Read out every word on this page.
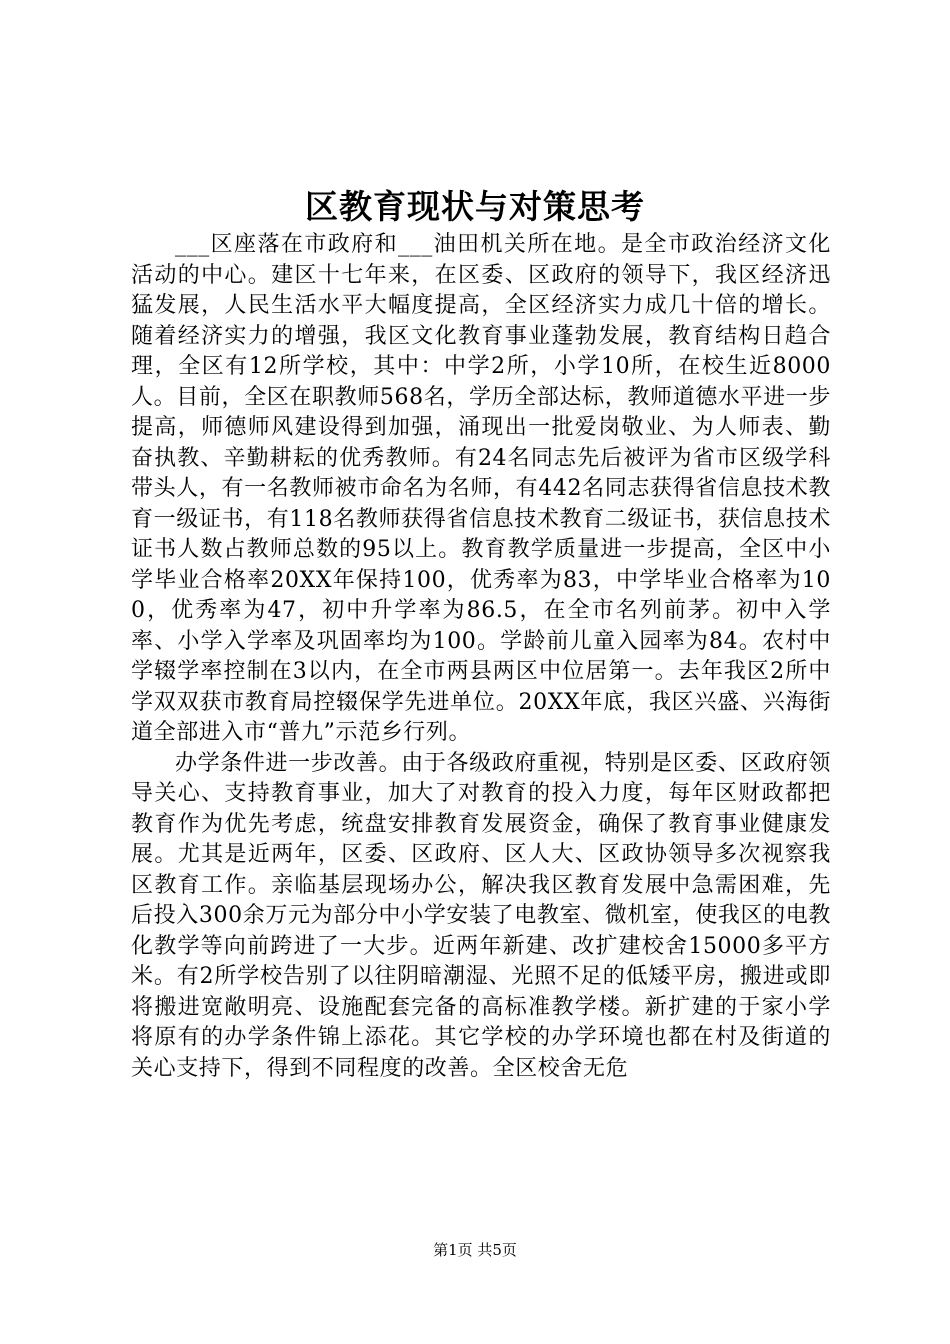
区教育现状与对策思考

___区座落在市政府和___油田机关所在地。是全市政治经济文化活动的中心。建区十七年来，在区委、区政府的领导下，我区经济迅猛发展，人民生活水平大幅度提高，全区经济实力成几十倍的增长。随着经济实力的增强，我区文化教育事业蓬勃发展，教育结构日趋合理，全区有12所学校，其中：中学2所，小学10所，在校生近8000人。目前，全区在职教师568名，学历全部达标，教师道德水平进一步提高，师德师风建设得到加强，涌现出一批爱岗敬业、为人师表、勤奋执教、辛勤耕耘的优秀教师。有24名同志先后被评为省市区级学科带头人，有一名教师被市命名为名师，有442名同志获得省信息技术教育一级证书，有118名教师获得省信息技术教育二级证书，获信息技术证书人数占教师总数的95以上。教育教学质量进一步提高，全区中小学毕业合格率20XX年保持100，优秀率为83，中学毕业合格率为100，优秀率为47，初中升学率为86.5，在全市名列前茅。初中入学率、小学入学率及巩固率均为100。学龄前儿童入园率为84。农村中学辍学率控制在3以内，在全市两县两区中位居第一。去年我区2所中学双双获市教育局控辍保学先进单位。20XX年底，我区兴盛、兴海街道全部进入市“普九”示范乡行列。

办学条件进一步改善。由于各级政府重视，特别是区委、区政府领导关心、支持教育事业，加大了对教育的投入力度，每年区财政都把教育作为优先考虑，统盘安排教育发展资金，确保了教育事业健康发展。尤其是近两年，区委、区政府、区人大、区政协领导多次视察我区教育工作。亲临基层现场办公，解决我区教育发展中急需困难，先后投入300余万元为部分中小学安装了电教室、微机室，使我区的电教化教学等向前跨进了一大步。近两年新建、改扩建校舍15000多平方米。有2所学校告别了以往阴暗潮湿、光照不足的低矮平房，搬进或即将搬进宽敞明亮、设施配套完备的高标准教学楼。新扩建的于家小学将原有的办学条件锦上添花。其它学校的办学环境也都在村及街道的关心支持下，得到不同程度的改善。全区校舍无危

第1页 共5页
